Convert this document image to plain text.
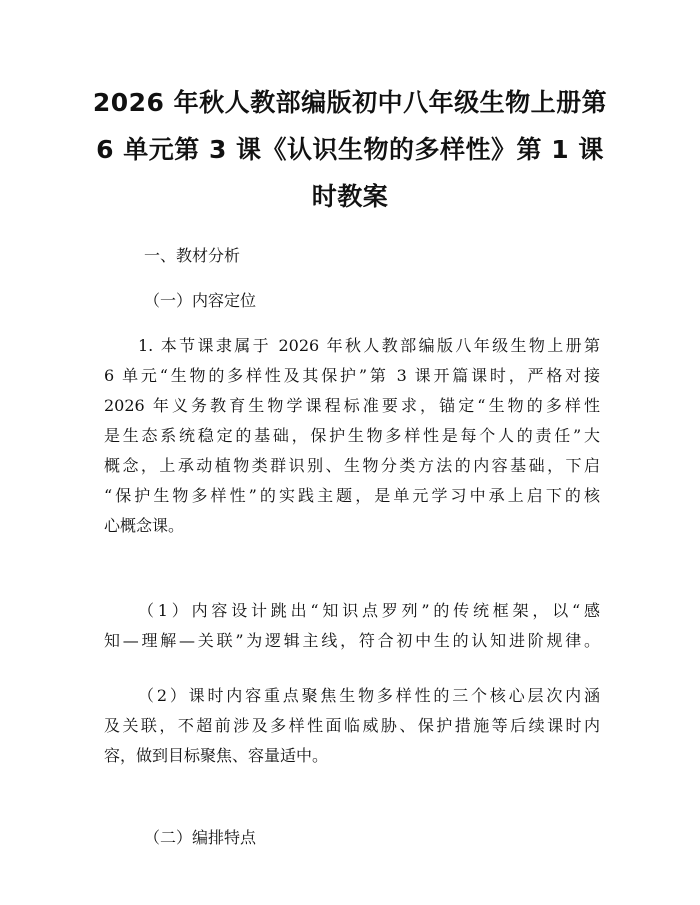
2026 年秋人教部编版初中八年级生物上册第
6 单元第 3 课《认识生物的多样性》第 1 课
时教案
一、教材分析
（一）内容定位
1. 本节课隶属于 2026 年秋人教部编版八年级生物上册第
6 单元“生物的多样性及其保护”第 3 课开篇课时，严格对接
2026 年义务教育生物学课程标准要求，锚定“生物的多样性
是生态系统稳定的基础，保护生物多样性是每个人的责任”大
概念，上承动植物类群识别、生物分类方法的内容基础，下启
“保护生物多样性”的实践主题，是单元学习中承上启下的核
心概念课。
（1）内容设计跳出“知识点罗列”的传统框架，以“感
知—理解—关联”为逻辑主线，符合初中生的认知进阶规律。
（2）课时内容重点聚焦生物多样性的三个核心层次内涵
及关联，不超前涉及多样性面临威胁、保护措施等后续课时内
容，做到目标聚焦、容量适中。
（二）编排特点
